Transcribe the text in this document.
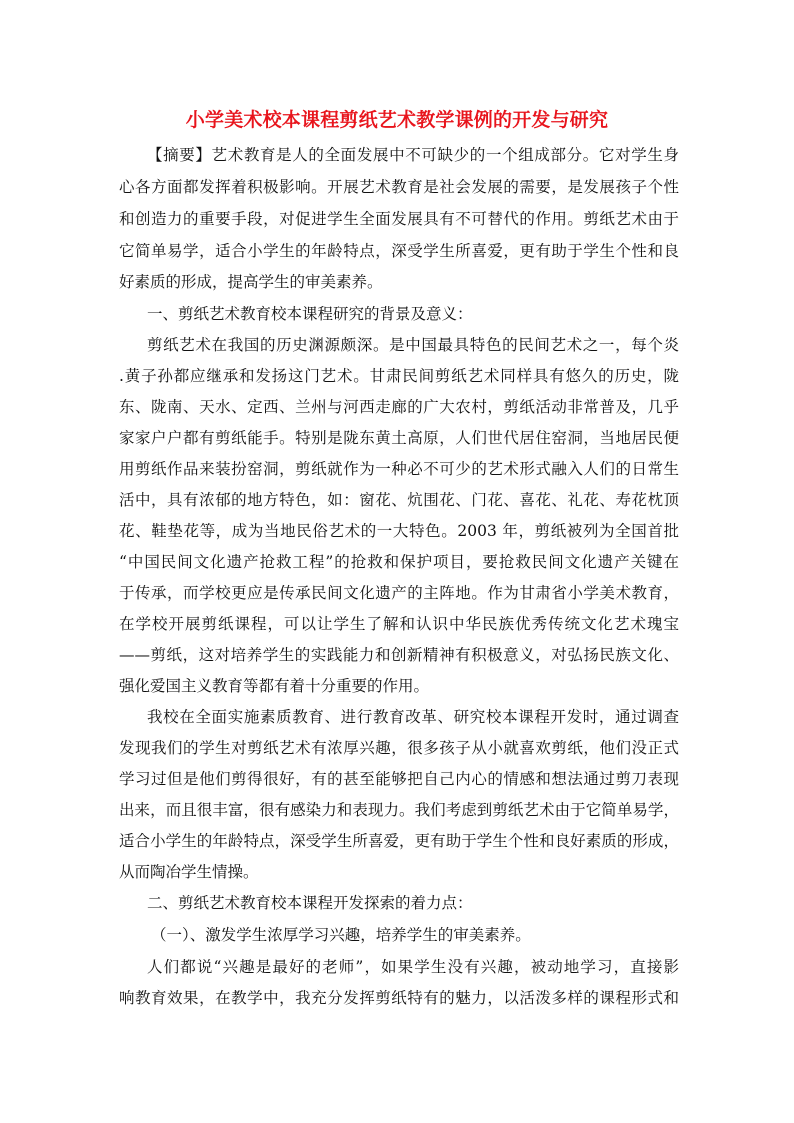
小学美术校本课程剪纸艺术教学课例的开发与研究
【摘要】艺术教育是人的全面发展中不可缺少的一个组成部分。它对学生身
心各方面都发挥着积极影响。开展艺术教育是社会发展的需要，是发展孩子个性
和创造力的重要手段，对促进学生全面发展具有不可替代的作用。剪纸艺术由于
它简单易学，适合小学生的年龄特点，深受学生所喜爱，更有助于学生个性和良
好素质的形成，提高学生的审美素养。
一、剪纸艺术教育校本课程研究的背景及意义：
剪纸艺术在我国的历史渊源颇深。是中国最具特色的民间艺术之一，每个炎
.黄子孙都应继承和发扬这门艺术。甘肃民间剪纸艺术同样具有悠久的历史，陇
东、陇南、天水、定西、兰州与河西走廊的广大农村，剪纸活动非常普及，几乎
家家户户都有剪纸能手。特别是陇东黄土高原，人们世代居住窑洞，当地居民便
用剪纸作品来装扮窑洞，剪纸就作为一种必不可少的艺术形式融入人们的日常生
活中，具有浓郁的地方特色，如：窗花、炕围花、门花、喜花、礼花、寿花枕顶
花、鞋垫花等，成为当地民俗艺术的一大特色。2003 年，剪纸被列为全国首批
“中国民间文化遗产抢救工程”的抢救和保护项目，要抢救民间文化遗产关键在
于传承，而学校更应是传承民间文化遗产的主阵地。作为甘肃省小学美术教育，
在学校开展剪纸课程，可以让学生了解和认识中华民族优秀传统文化艺术瑰宝
——剪纸，这对培养学生的实践能力和创新精神有积极意义，对弘扬民族文化、
强化爱国主义教育等都有着十分重要的作用。
我校在全面实施素质教育、进行教育改革、研究校本课程开发时，通过调查
发现我们的学生对剪纸艺术有浓厚兴趣，很多孩子从小就喜欢剪纸，他们没正式
学习过但是他们剪得很好，有的甚至能够把自己内心的情感和想法通过剪刀表现
出来，而且很丰富，很有感染力和表现力。我们考虑到剪纸艺术由于它简单易学，
适合小学生的年龄特点，深受学生所喜爱，更有助于学生个性和良好素质的形成，
从而陶冶学生情操。
二、剪纸艺术教育校本课程开发探索的着力点：
（一）、激发学生浓厚学习兴趣，培养学生的审美素养。
人们都说“兴趣是最好的老师”，如果学生没有兴趣，被动地学习，直接影
响教育效果，在教学中，我充分发挥剪纸特有的魅力，以活泼多样的课程形式和
